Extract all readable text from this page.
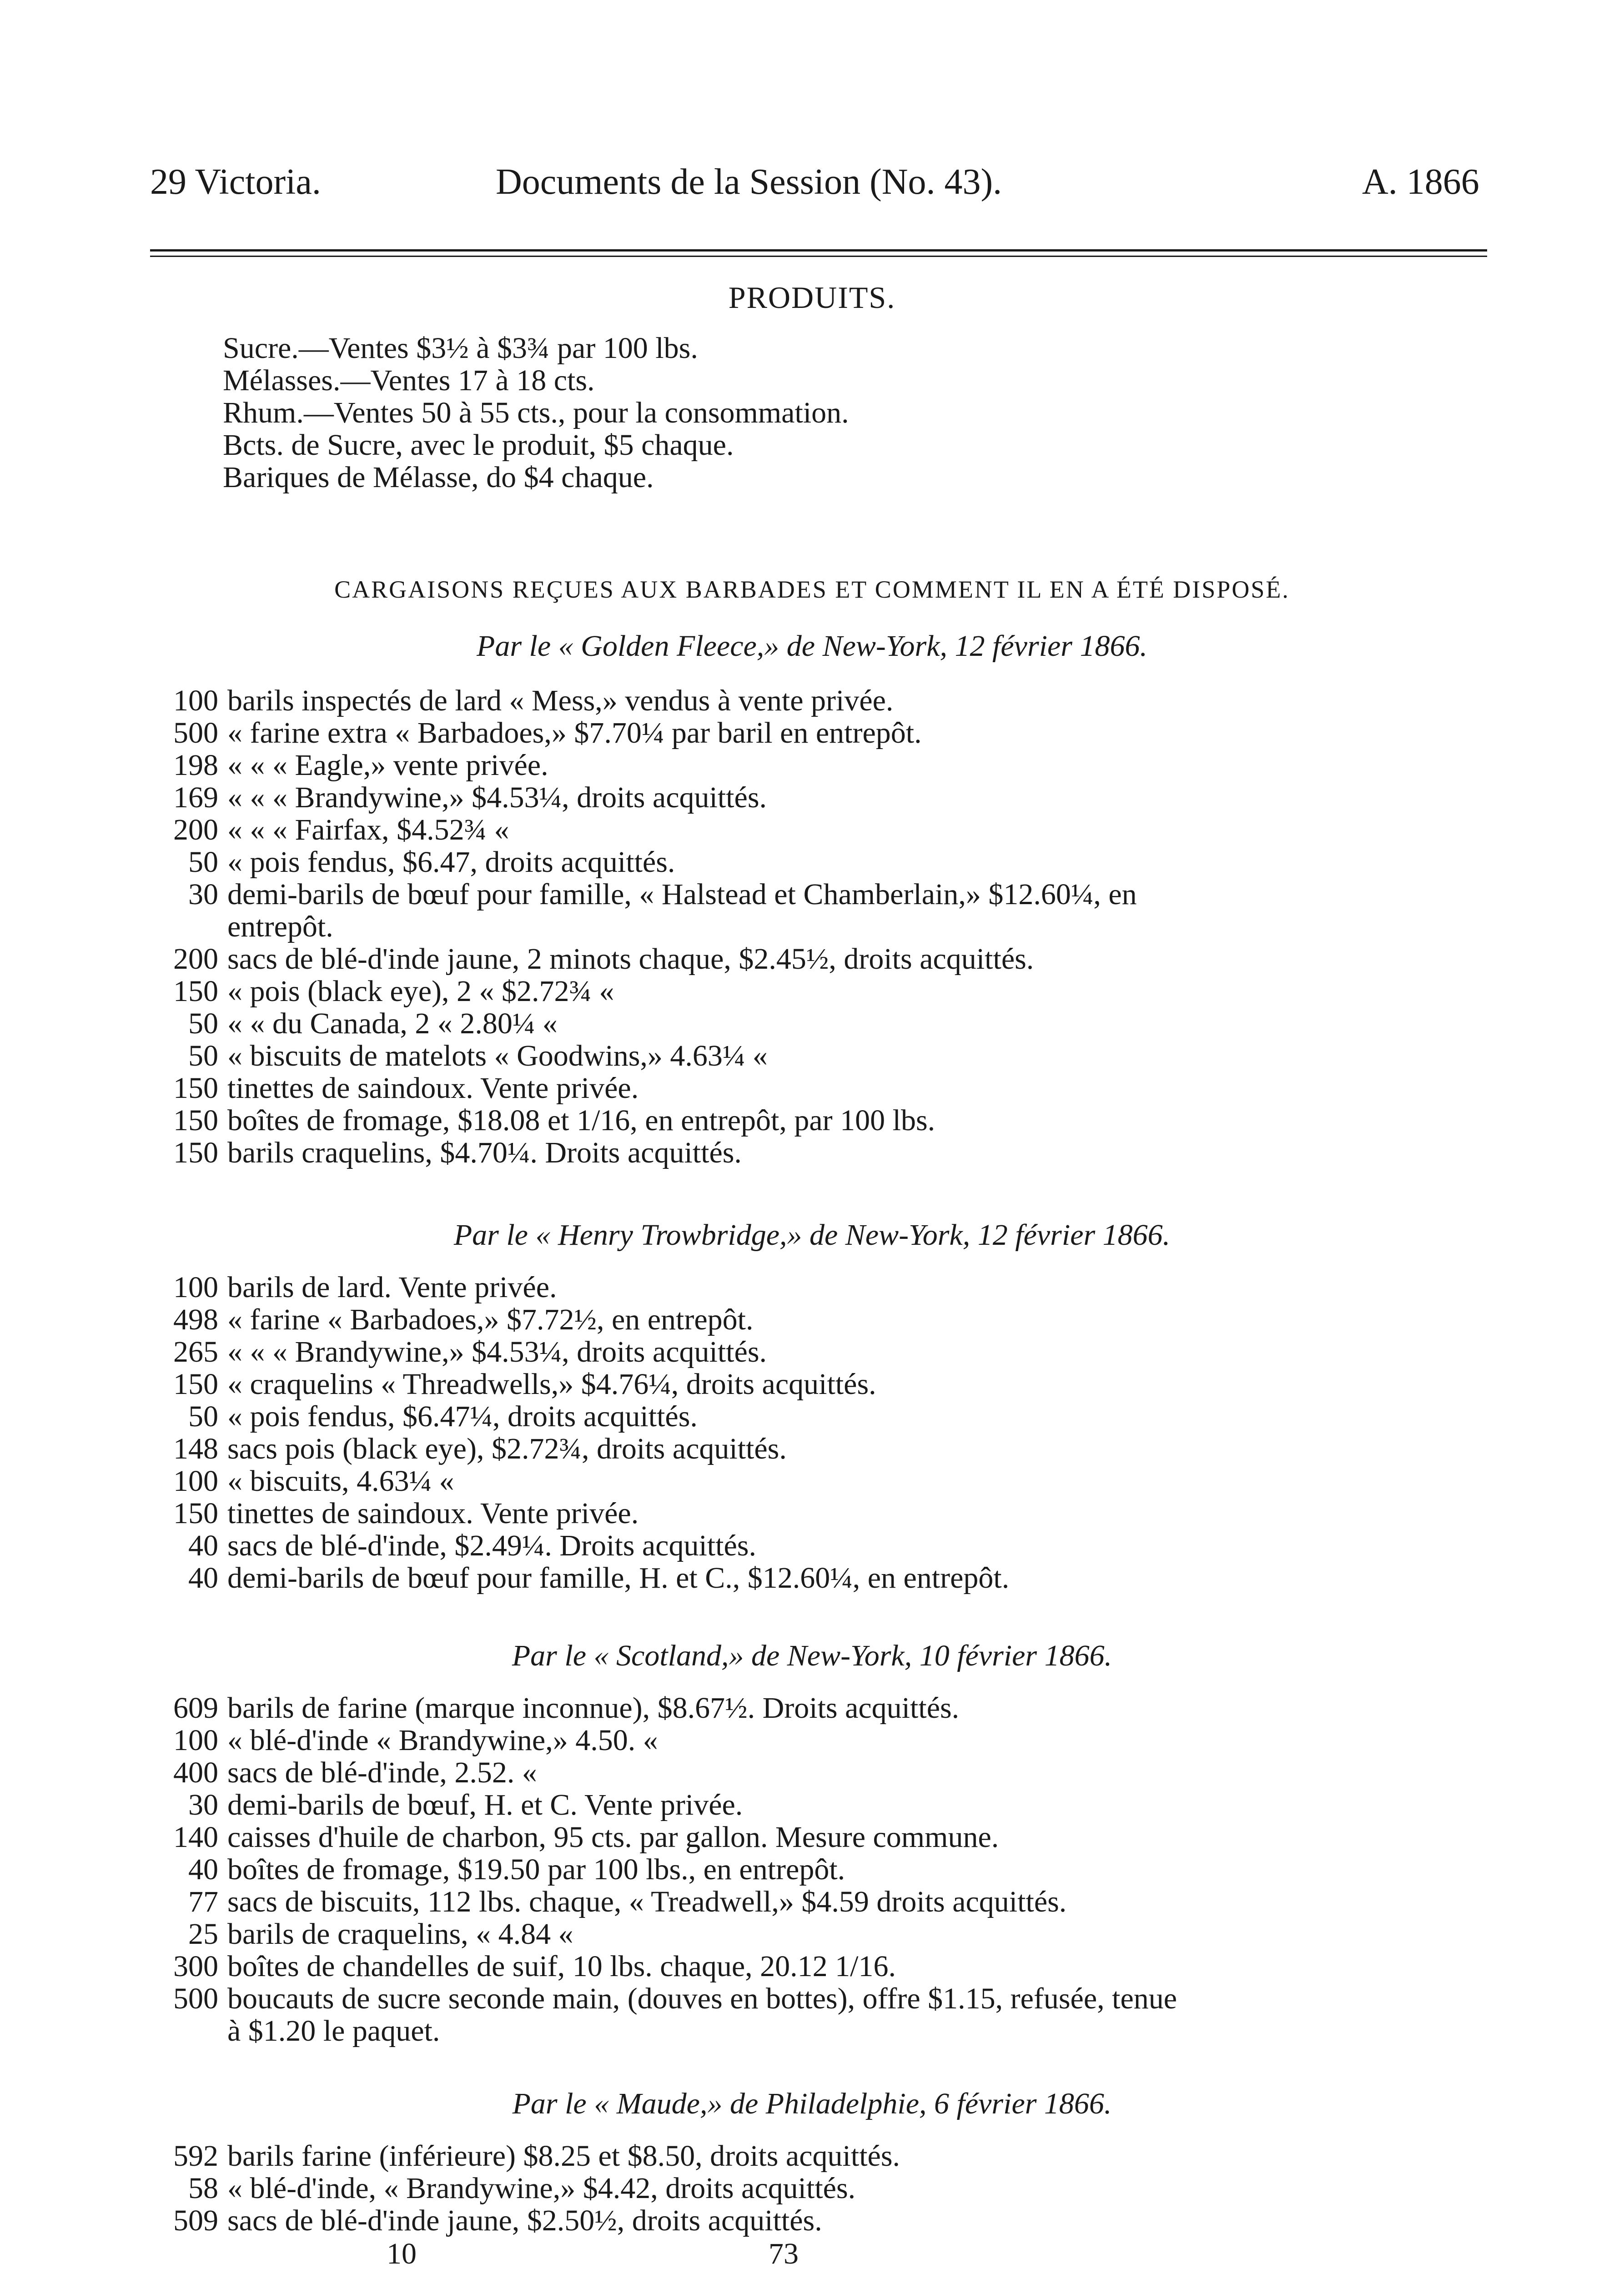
29 Victoria.	Documents de la Session (No. 43).	A. 1866
PRODUITS.
Sucre.—Ventes $3½ à $3¾ par 100 lbs.
Mélasses.—Ventes 17 à 18 cts.
Rhum.—Ventes 50 à 55 cts., pour la consommation.
Bcts. de Sucre, avec le produit, $5 chaque.
Bariques de Mélasse, do $4 chaque.
CARGAISONS REÇUES AUX BARBADES ET COMMENT IL EN A ÉTÉ DISPOSÉ.
Par le « Golden Fleece,» de New-York, 12 février 1866.
100 barils inspectés de lard « Mess,» vendus à vente privée.
500 « farine extra « Barbadoes,» $7.70¼ par baril en entrepôt.
198 « « « Eagle,» vente privée.
169 « « « Brandywine,» $4.53¼, droits acquittés.
200 « « « Fairfax, $4.52¾ «
50 « pois fendus, $6.47, droits acquittés.
30 demi-barils de bœuf pour famille, « Halstead et Chamberlain,» $12.60¼, en
entrepôt.
200 sacs de blé-d'inde jaune, 2 minots chaque, $2.45½, droits acquittés.
150 « pois (black eye), 2 « $2.72¾ «
50 « « du Canada, 2 « 2.80¼ «
50 « biscuits de matelots « Goodwins,» 4.63¼ «
150 tinettes de saindoux. Vente privée.
150 boîtes de fromage, $18.08 et 1/16, en entrepôt, par 100 lbs.
150 barils craquelins, $4.70¼. Droits acquittés.
Par le « Henry Trowbridge,» de New-York, 12 février 1866.
100 barils de lard. Vente privée.
498 « farine « Barbadoes,» $7.72½, en entrepôt.
265 « « « Brandywine,» $4.53¼, droits acquittés.
150 « craquelins « Threadwells,» $4.76¼, droits acquittés.
50 « pois fendus, $6.47¼, droits acquittés.
148 sacs pois (black eye), $2.72¾, droits acquittés.
100 « biscuits, 4.63¼ «
150 tinettes de saindoux. Vente privée.
40 sacs de blé-d'inde, $2.49¼. Droits acquittés.
40 demi-barils de bœuf pour famille, H. et C., $12.60¼, en entrepôt.
Par le « Scotland,» de New-York, 10 février 1866.
609 barils de farine (marque inconnue), $8.67½. Droits acquittés.
100 « blé-d'inde « Brandywine,» 4.50. «
400 sacs de blé-d'inde, 2.52. «
30 demi-barils de bœuf, H. et C. Vente privée.
140 caisses d'huile de charbon, 95 cts. par gallon. Mesure commune.
40 boîtes de fromage, $19.50 par 100 lbs., en entrepôt.
77 sacs de biscuits, 112 lbs. chaque, « Treadwell,» $4.59 droits acquittés.
25 barils de craquelins, « 4.84 «
300 boîtes de chandelles de suif, 10 lbs. chaque, 20.12 1/16.
500 boucauts de sucre seconde main, (douves en bottes), offre $1.15, refusée, tenue
à $1.20 le paquet.
Par le « Maude,» de Philadelphie, 6 février 1866.
592 barils farine (inférieure) $8.25 et $8.50, droits acquittés.
58 « blé-d'inde, « Brandywine,» $4.42, droits acquittés.
509 sacs de blé-d'inde jaune, $2.50½, droits acquittés.
10	73
